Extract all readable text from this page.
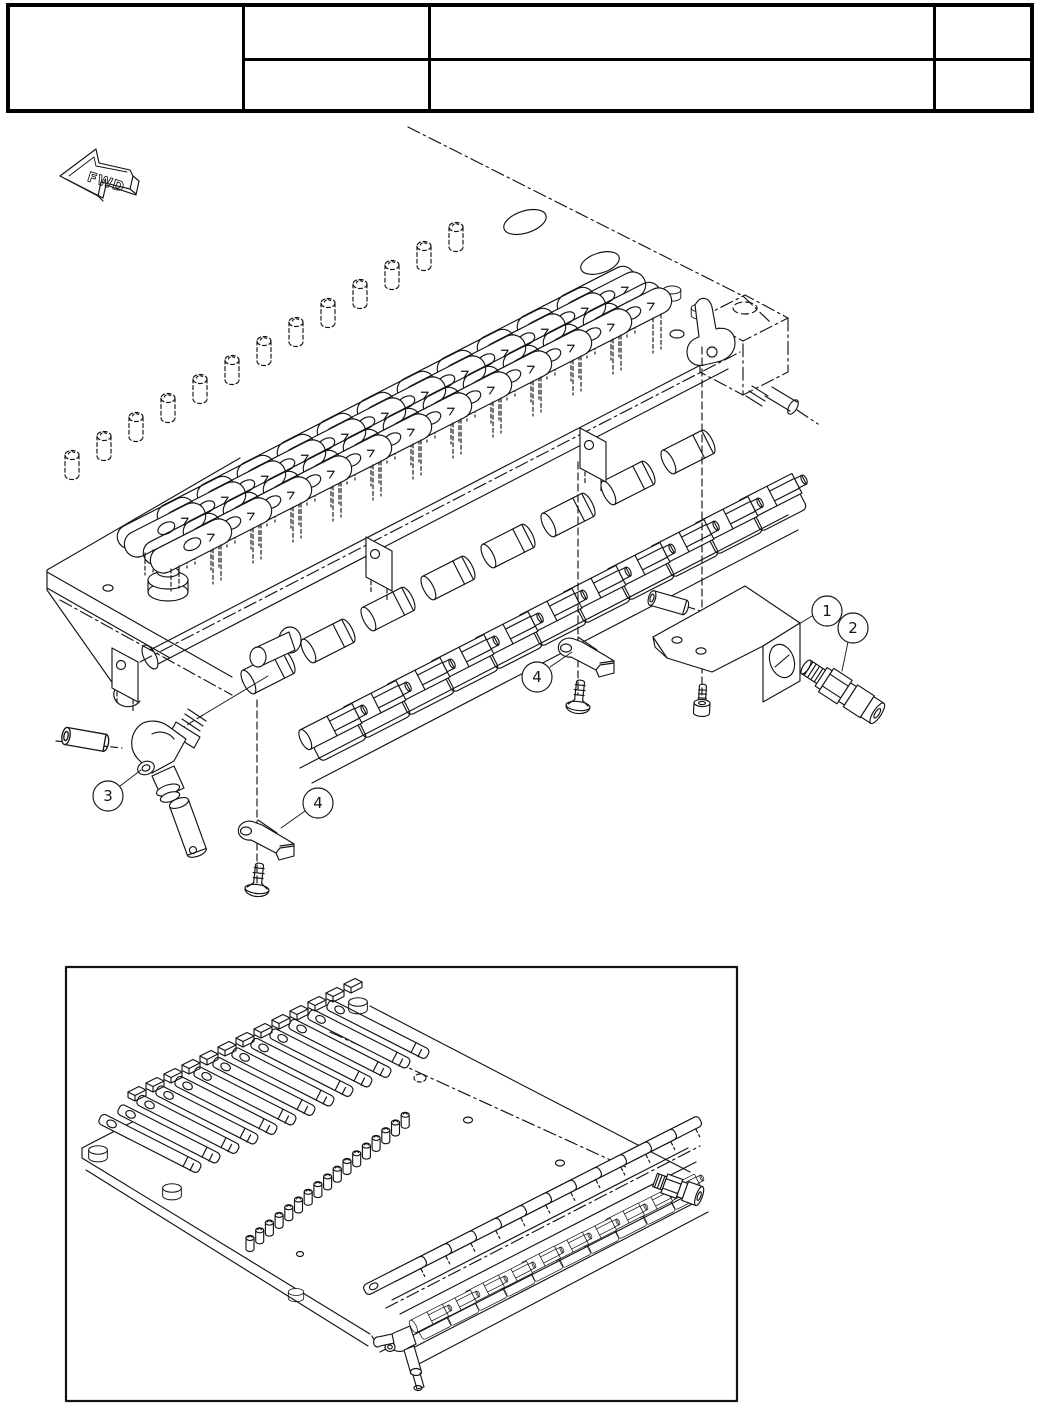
FWD
1
2
3
4
4
